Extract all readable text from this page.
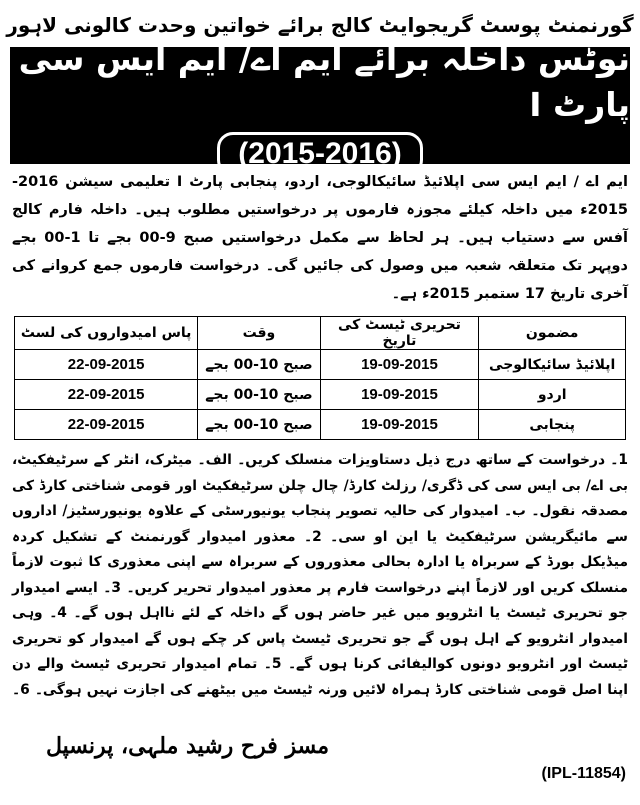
گورنمنٹ پوسٹ گریجوایٹ کالج برائے خواتین وحدت کالونی لاہور
نوٹس داخلہ برائے ایم اے/ ایم ایس سی پارٹ I
(2015-2016)
ایم اے / ایم ایس سی اپلائیڈ سائیکالوجی، اردو، پنجابی پارٹ I تعلیمی سیشن 2016-2015ء میں داخلہ کیلئے مجوزہ فارموں پر درخواستیں مطلوب ہیں۔ داخلہ فارم کالج آفس سے دستیاب ہیں۔ ہر لحاظ سے مکمل درخواستیں صبح 9-00 بجے تا 1-00 بجے دوپہر تک متعلقہ شعبہ میں وصول کی جائیں گی۔ درخواست فارموں جمع کروانے کی آخری تاریخ 17 ستمبر 2015ء ہے۔
مضمون	تحریری ٹیسٹ کی تاریخ	وقت	پاس امیدواروں کی لسٹ
اپلائیڈ سائیکالوجی	19-09-2015	صبح 10-00 بجے	22-09-2015
اردو	19-09-2015	صبح 10-00 بجے	22-09-2015
پنجابی	19-09-2015	صبح 10-00 بجے	22-09-2015
1۔ درخواست کے ساتھ درج ذیل دستاویزات منسلک کریں۔ الف۔ میٹرک، انٹر کے سرٹیفکیٹ، بی اے/ بی ایس سی کی ڈگری/ رزلٹ کارڈ/ چال چلن سرٹیفکیٹ اور قومی شناختی کارڈ کی مصدقہ نقول۔ ب۔ امیدوار کی حالیہ تصویر پنجاب یونیورسٹی کے علاوہ یونیورسٹیز/ اداروں سے مائیگریشن سرٹیفکیٹ یا این او سی۔ 2۔ معذور امیدوار گورنمنٹ کے تشکیل کردہ میڈیکل بورڈ کے سربراہ یا ادارہ بحالی معذوروں کے سربراہ سے اپنی معذوری کا ثبوت لازماً منسلک کریں اور لازماً اپنے درخواست فارم پر معذور امیدوار تحریر کریں۔ 3۔ ایسے امیدوار جو تحریری ٹیسٹ یا انٹرویو میں غیر حاضر ہوں گے داخلہ کے لئے نااہل ہوں گے۔ 4۔ وہی امیدوار انٹرویو کے اہل ہوں گے جو تحریری ٹیسٹ پاس کر چکے ہوں گے امیدوار کو تحریری ٹیسٹ اور انٹرویو دونوں کوالیفائی کرنا ہوں گے۔ 5۔ تمام امیدوار تحریری ٹیسٹ والے دن اپنا اصل قومی شناختی کارڈ ہمراہ لائیں ورنہ ٹیسٹ میں بیٹھنے کی اجازت نہیں ہوگی۔ 6۔
مسز فرح رشید ملہی، پرنسپل
(IPL-11854)
